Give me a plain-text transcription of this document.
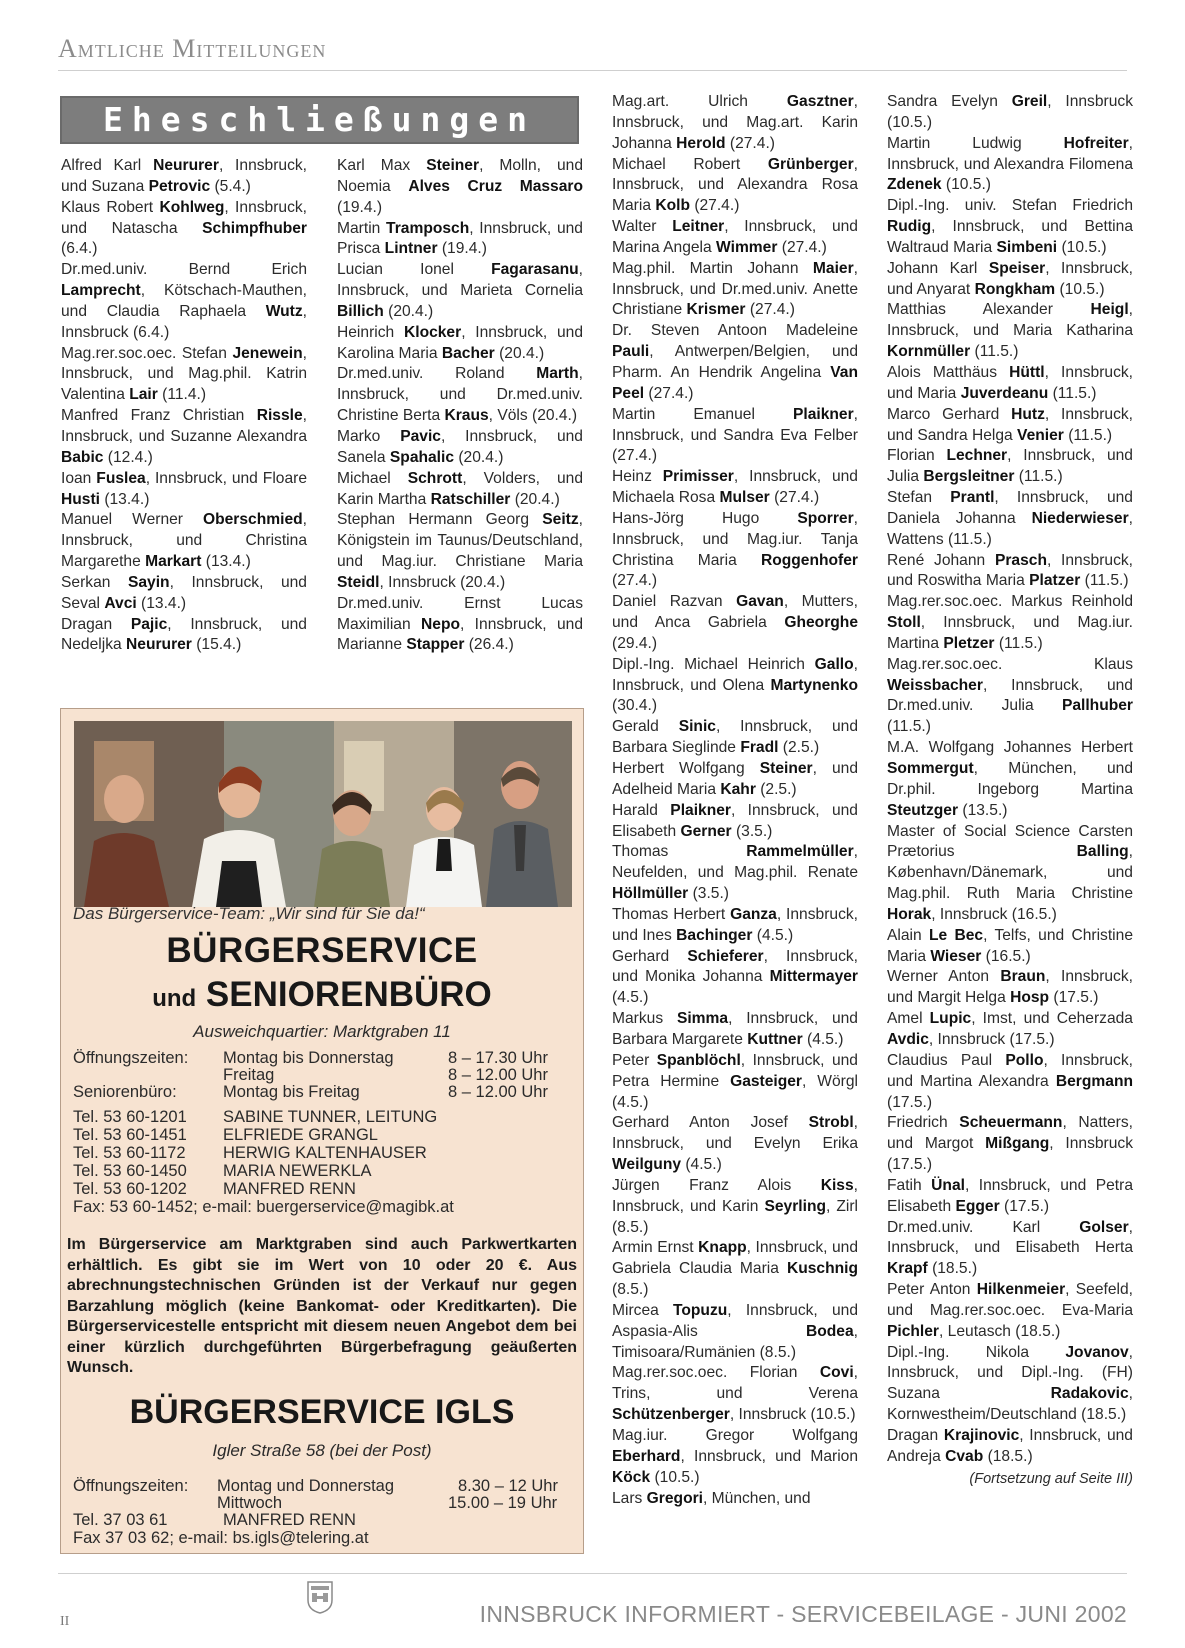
Amtliche Mitteilungen
Eheschließungen

Alfred Karl Neururer, Innsbruck, und Suzana Petrovic (5.4.)

Klaus Robert Kohlweg, Innsbruck, und Natascha Schimpfhuber (6.4.)

Dr.med.univ. Bernd Erich Lamprecht, Kötschach-Mauthen, und Claudia Raphaela Wutz, Innsbruck (6.4.)

Mag.rer.soc.oec. Stefan Jenewein, Innsbruck, und Mag.phil. Katrin Valentina Lair (11.4.)

Manfred Franz Christian Rissle, Innsbruck, und Suzanne Alexandra Babic (12.4.)

Ioan Fuslea, Innsbruck, und Floare Husti (13.4.)

Manuel Werner Oberschmied, Innsbruck, und Christina Margarethe Markart (13.4.)

Serkan Sayin, Innsbruck, und Seval Avci (13.4.)

Dragan Pajic, Innsbruck, und Nedeljka Neururer (15.4.)

Karl Max Steiner, Molln, und Noemia Alves Cruz Massaro (19.4.)

Martin Tramposch, Innsbruck, und Prisca Lintner (19.4.)

Lucian Ionel Fagarasanu, Innsbruck, und Marieta Cornelia Billich (20.4.)

Heinrich Klocker, Innsbruck, und Karolina Maria Bacher (20.4.)

Dr.med.univ. Roland Marth, Innsbruck, und Dr.med.univ. Christine Berta Kraus, Völs (20.4.)

Marko Pavic, Innsbruck, und Sanela Spahalic (20.4.)

Michael Schrott, Volders, und Karin Martha Ratschiller (20.4.)

Stephan Hermann Georg Seitz, Königstein im Taunus/Deutschland, und Mag.iur. Christiane Maria Steidl, Innsbruck (20.4.)

Dr.med.univ. Ernst Lucas Maximilian Nepo, Innsbruck, und Marianne Stapper (26.4.)

Mag.art. Ulrich Gasztner, Innsbruck, und Mag.art. Karin Johanna Herold (27.4.)

Michael Robert Grünberger, Innsbruck, und Alexandra Rosa Maria Kolb (27.4.)

Walter Leitner, Innsbruck, und Marina Angela Wimmer (27.4.)

Mag.phil. Martin Johann Maier, Innsbruck, und Dr.med.univ. Anette Christiane Krismer (27.4.)

Dr. Steven Antoon Madeleine Pauli, Antwerpen/Belgien, und Pharm. An Hendrik Angelina Van Peel (27.4.)

Martin Emanuel Plaikner, Innsbruck, und Sandra Eva Felber (27.4.)

Heinz Primisser, Innsbruck, und Michaela Rosa Mulser (27.4.)

Hans-Jörg Hugo Sporrer, Innsbruck, und Mag.iur. Tanja Christina Maria Roggenhofer (27.4.)

Daniel Razvan Gavan, Mutters, und Anca Gabriela Gheorghe (29.4.)

Dipl.-Ing. Michael Heinrich Gallo, Innsbruck, und Olena Martynenko (30.4.)

Gerald Sinic, Innsbruck, und Barbara Sieglinde Fradl (2.5.)

Herbert Wolfgang Steiner, und Adelheid Maria Kahr (2.5.)

Harald Plaikner, Innsbruck, und Elisabeth Gerner (3.5.)

Thomas Rammelmüller, Neufelden, und Mag.phil. Renate Höllmüller (3.5.)

Thomas Herbert Ganza, Innsbruck, und Ines Bachinger (4.5.)

Gerhard Schieferer, Innsbruck, und Monika Johanna Mittermayer (4.5.)

Markus Simma, Innsbruck, und Barbara Margarete Kuttner (4.5.)

Peter Spanblöchl, Innsbruck, und Petra Hermine Gasteiger, Wörgl (4.5.)

Gerhard Anton Josef Strobl, Innsbruck, und Evelyn Erika Weilguny (4.5.)

Jürgen Franz Alois Kiss, Innsbruck, und Karin Seyrling, Zirl (8.5.)

Armin Ernst Knapp, Innsbruck, und Gabriela Claudia Maria Kuschnig (8.5.)

Mircea Topuzu, Innsbruck, und Aspasia-Alis Bodea, Timisoara/Rumänien (8.5.)

Mag.rer.soc.oec. Florian Covi, Trins, und Verena Schützenberger, Innsbruck (10.5.)

Mag.iur. Gregor Wolfgang Eberhard, Innsbruck, und Marion Köck (10.5.)

Lars Gregori, München, und

Sandra Evelyn Greil, Innsbruck (10.5.)

Martin Ludwig Hofreiter, Innsbruck, und Alexandra Filomena Zdenek (10.5.)

Dipl.-Ing. univ. Stefan Friedrich Rudig, Innsbruck, und Bettina Waltraud Maria Simbeni (10.5.)

Johann Karl Speiser, Innsbruck, und Anyarat Rongkham (10.5.)

Matthias Alexander Heigl, Innsbruck, und Maria Katharina Kornmüller (11.5.)

Alois Matthäus Hüttl, Innsbruck, und Maria Juverdeanu (11.5.)

Marco Gerhard Hutz, Innsbruck, und Sandra Helga Venier (11.5.)

Florian Lechner, Innsbruck, und Julia Bergsleitner (11.5.)

Stefan Prantl, Innsbruck, und Daniela Johanna Niederwieser, Wattens (11.5.)

René Johann Prasch, Innsbruck, und Roswitha Maria Platzer (11.5.)

Mag.rer.soc.oec. Markus Reinhold Stoll, Innsbruck, und Mag.iur. Martina Pletzer (11.5.)

Mag.rer.soc.oec. Klaus Weissbacher, Innsbruck, und Dr.med.univ. Julia Pallhuber (11.5.)

M.A. Wolfgang Johannes Herbert Sommergut, München, und Dr.phil. Ingeborg Martina Steutzger (13.5.)

Master of Social Science Carsten Prætorius Balling, København/Dänemark, und Mag.phil. Ruth Maria Christine Horak, Innsbruck (16.5.)

Alain Le Bec, Telfs, und Christine Maria Wieser (16.5.)

Werner Anton Braun, Innsbruck, und Margit Helga Hosp (17.5.)

Amel Lupic, Imst, und Ceherzada Avdic, Innsbruck (17.5.)

Claudius Paul Pollo, Innsbruck, und Martina Alexandra Bergmann (17.5.)

Friedrich Scheuermann, Natters, und Margot Mißgang, Innsbruck (17.5.)

Fatih Ünal, Innsbruck, und Petra Elisabeth Egger (17.5.)

Dr.med.univ. Karl Golser, Innsbruck, und Elisabeth Herta Krapf (18.5.)

Peter Anton Hilkenmeier, Seefeld, und Mag.rer.soc.oec. Eva-Maria Pichler, Leutasch (18.5.)

Dipl.-Ing. Nikola Jovanov, Innsbruck, und Dipl.-Ing. (FH) Suzana Radakovic, Kornwestheim/Deutschland (18.5.)

Dragan Krajinovic, Innsbruck, und Andreja Cvab (18.5.)

(Fortsetzung auf Seite III)
Das Bürgerservice-Team: „Wir sind für Sie da!“
BÜRGERSERVICE
und SENIORENBÜRO
Ausweichquartier: Marktgraben 11
Öffnungszeiten: Montag bis Donnerstag	8 – 17.30 Uhr
Freitag	8 – 12.00 Uhr
Seniorenbüro:	Montag bis Freitag	8 – 12.00 Uhr
Tel. 53 60-1201 SABINE TUNNER, LEITUNG
Tel. 53 60-1451 ELFRIEDE GRANGL
Tel. 53 60-1172 HERWIG KALTENHAUSER
Tel. 53 60-1450 MARIA NEWERKLA
Tel. 53 60-1202 MANFRED RENN
Fax: 53 60-1452; e-mail: buergerservice@magibk.at
Im Bürgerservice am Marktgraben sind auch Parkwertkarten erhältlich. Es gibt sie im Wert von 10 oder 20 €. Aus abrechnungstechnischen Gründen ist der Verkauf nur gegen Barzahlung möglich (keine Bankomat- oder Kreditkarten). Die Bürgerservicestelle entspricht mit diesem neuen Angebot dem bei einer kürzlich durchgeführten Bürgerbefragung geäußerten Wunsch.
BÜRGERSERVICE IGLS
Igler Straße 58 (bei der Post)
Öffnungszeiten: Montag und Donnerstag	8.30 – 12 Uhr
Mittwoch	15.00 – 19 Uhr
Tel. 37 03 61	MANFRED RENN
Fax 37 03 62; e-mail: bs.igls@telering.at
II	INNSBRUCK INFORMIERT - SERVICEBEILAGE - JUNI 2002
